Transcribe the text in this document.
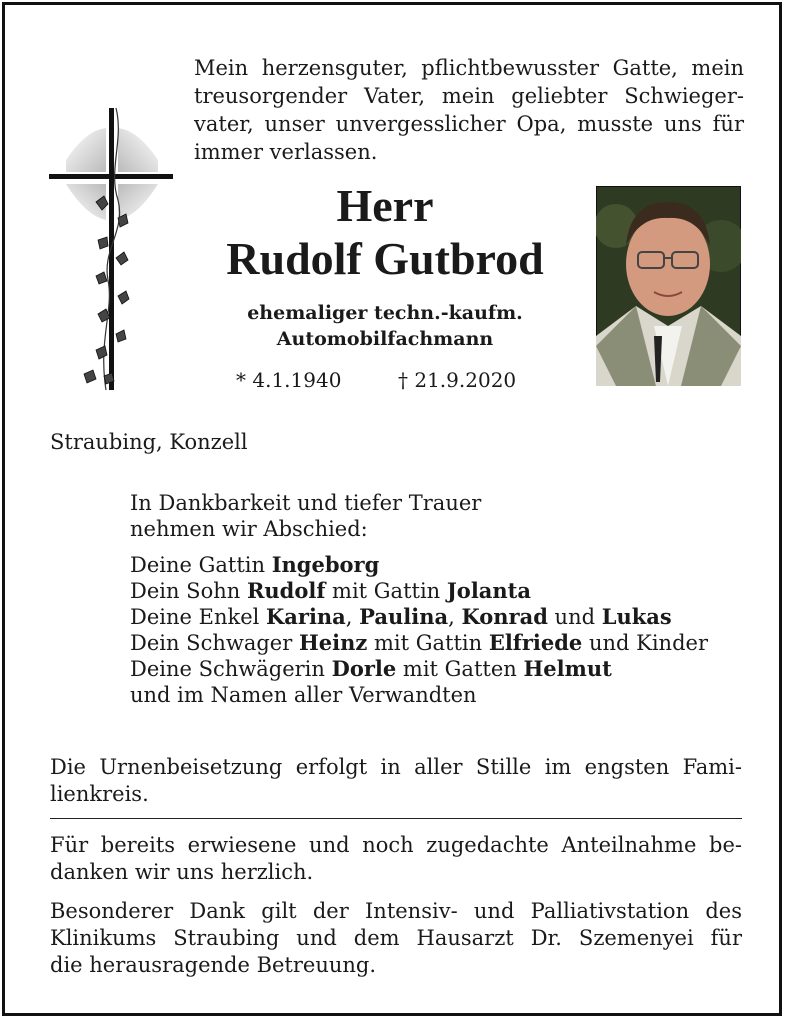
Mein herzensguter, pflichtbewusster Gatte, mein
treusorgender Vater, mein geliebter Schwieger-
vater, unser unvergesslicher Opa, musste uns für
immer verlassen.
Herr
Rudolf Gutbrod
ehemaliger techn.-kaufm.
Automobilfachmann
* 4.1.1940	† 21.9.2020
Straubing, Konzell
In Dankbarkeit und tiefer Trauer
nehmen wir Abschied:
Deine Gattin Ingeborg
Dein Sohn Rudolf mit Gattin Jolanta
Deine Enkel Karina, Paulina, Konrad und Lukas
Dein Schwager Heinz mit Gattin Elfriede und Kinder
Deine Schwägerin Dorle mit Gatten Helmut
und im Namen aller Verwandten
Die Urnenbeisetzung erfolgt in aller Stille im engsten Fami-
lienkreis.
Für bereits erwiesene und noch zugedachte Anteilnahme be-
danken wir uns herzlich.
Besonderer Dank gilt der Intensiv- und Palliativstation des
Klinikums Straubing und dem Hausarzt Dr. Szemenyei für
die herausragende Betreuung.
